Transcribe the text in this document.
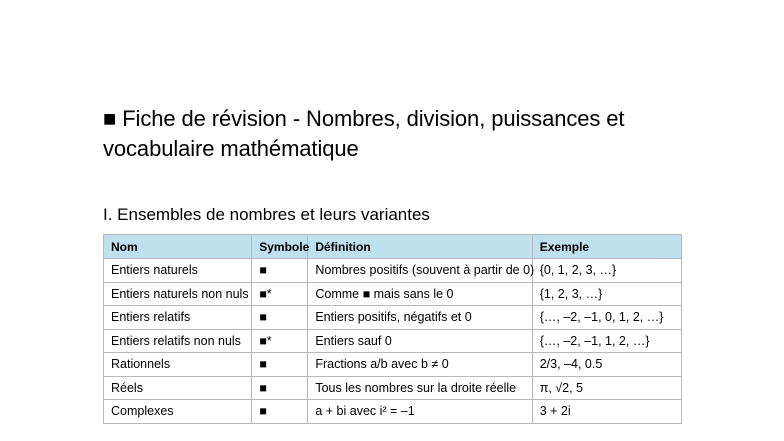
■ Fiche de révision - Nombres, division, puissances et vocabulaire mathématique
I. Ensembles de nombres et leurs variantes
Nom	Symbole	Définition	Exemple
Entiers naturels	■	Nombres positifs (souvent à partir de 0)	{0, 1, 2, 3, …}
Entiers naturels non nuls	■*	Comme ■ mais sans le 0	{1, 2, 3, …}
Entiers relatifs	■	Entiers positifs, négatifs et 0	{…, –2, –1, 0, 1, 2, …}
Entiers relatifs non nuls	■*	Entiers sauf 0	{…, –2, –1, 1, 2, …}
Rationnels	■	Fractions a/b avec b ≠ 0	2/3, –4, 0.5
Réels	■	Tous les nombres sur la droite réelle	π, √2, 5
Complexes	■	a + bi avec i² = –1	3 + 2i
